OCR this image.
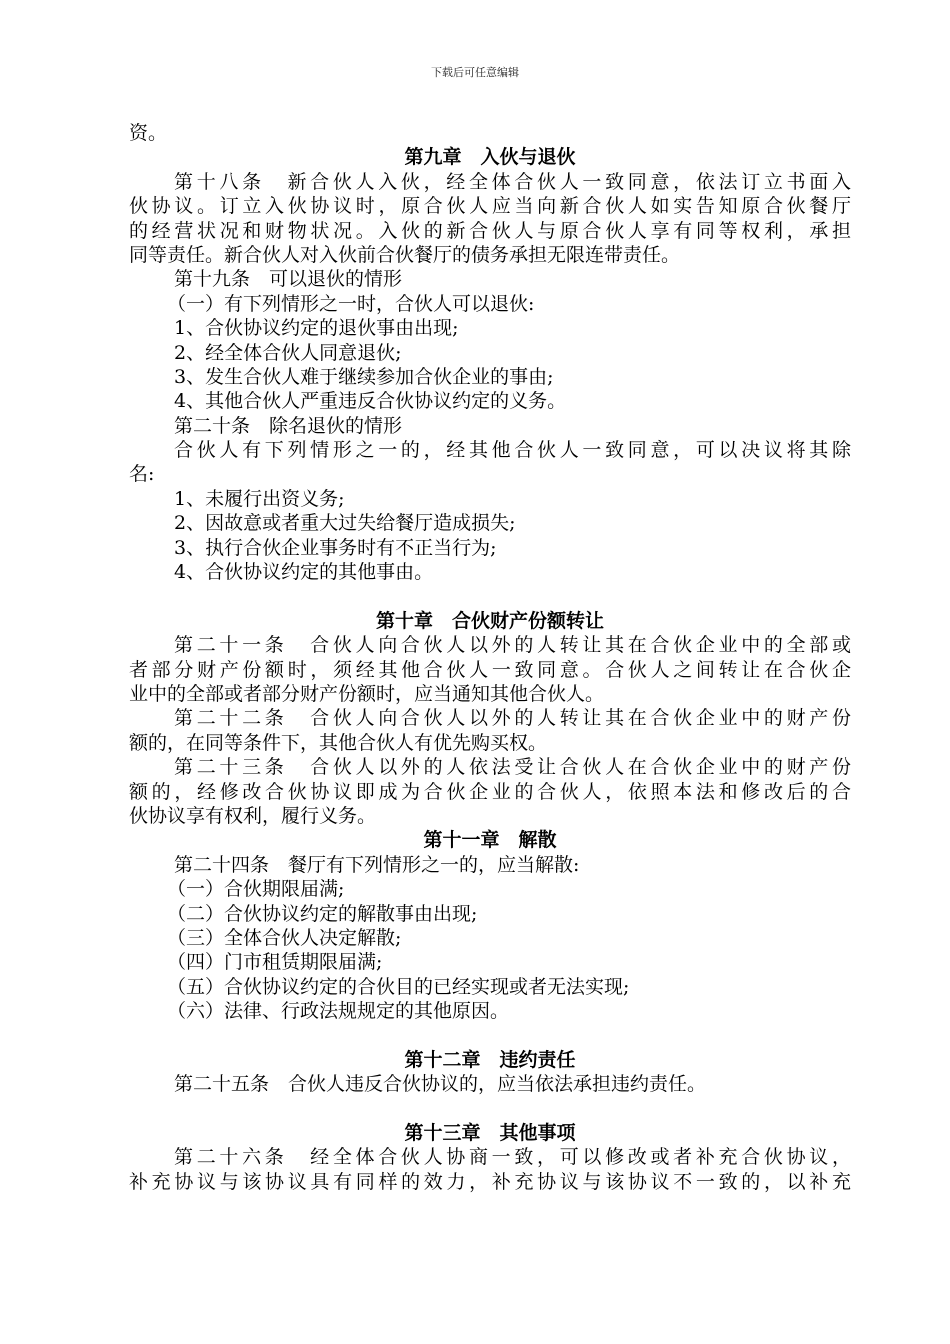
下载后可任意编辑
资。
第九章　入伙与退伙
第十八条　新合伙人入伙，经全体合伙人一致同意，依法订立书面入
伙协议。订立入伙协议时，原合伙人应当向新合伙人如实告知原合伙餐厅
的经营状况和财物状况。入伙的新合伙人与原合伙人享有同等权利，承担
同等责任。新合伙人对入伙前合伙餐厅的债务承担无限连带责任。
第十九条　可以退伙的情形
（一）有下列情形之一时，合伙人可以退伙:
1、合伙协议约定的退伙事由出现;
2、经全体合伙人同意退伙;
3、发生合伙人难于继续参加合伙企业的事由;
4、其他合伙人严重违反合伙协议约定的义务。
第二十条　除名退伙的情形
合伙人有下列情形之一的，经其他合伙人一致同意，可以决议将其除
名:
1、未履行出资义务;
2、因故意或者重大过失给餐厅造成损失;
3、执行合伙企业事务时有不正当行为;
4、合伙协议约定的其他事由。
第十章　合伙财产份额转让
第二十一条　合伙人向合伙人以外的人转让其在合伙企业中的全部或
者部分财产份额时，须经其他合伙人一致同意。合伙人之间转让在合伙企
业中的全部或者部分财产份额时，应当通知其他合伙人。
第二十二条　合伙人向合伙人以外的人转让其在合伙企业中的财产份
额的，在同等条件下，其他合伙人有优先购买权。
第二十三条　合伙人以外的人依法受让合伙人在合伙企业中的财产份
额的，经修改合伙协议即成为合伙企业的合伙人，依照本法和修改后的合
伙协议享有权利，履行义务。
第十一章　解散
第二十四条　餐厅有下列情形之一的，应当解散:
（一）合伙期限届满;
（二）合伙协议约定的解散事由出现;
（三）全体合伙人决定解散;
（四）门市租赁期限届满;
（五）合伙协议约定的合伙目的已经实现或者无法实现;
（六）法律、行政法规规定的其他原因。
第十二章　违约责任
第二十五条　合伙人违反合伙协议的，应当依法承担违约责任。
第十三章　其他事项
第二十六条　经全体合伙人协商一致，可以修改或者补充合伙协议，
补充协议与该协议具有同样的效力，补充协议与该协议不一致的，以补充
